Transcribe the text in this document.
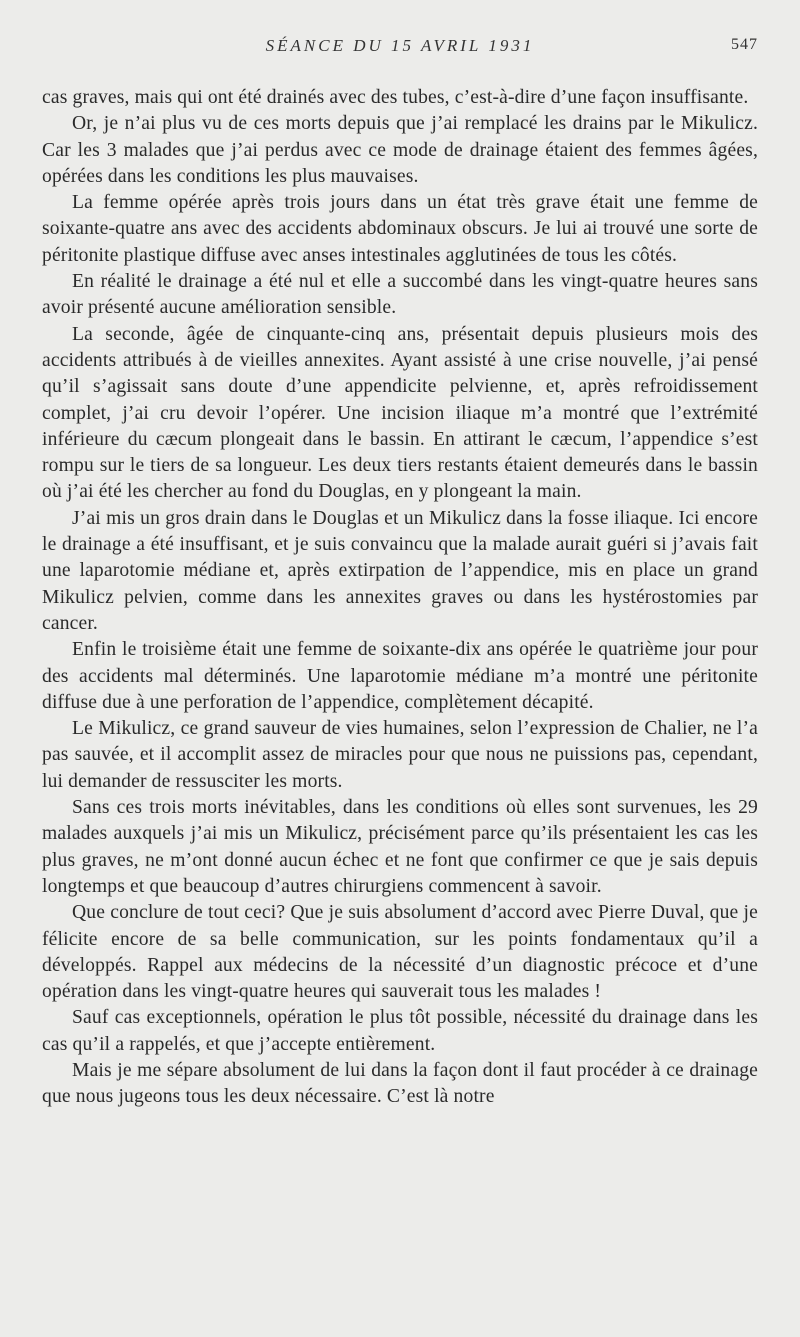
SÉANCE DU 15 AVRIL 1931	547

cas graves, mais qui ont été drainés avec des tubes, c’est-à-dire d’une façon insuffisante.

Or, je n’ai plus vu de ces morts depuis que j’ai remplacé les drains par le Mikulicz. Car les 3 malades que j’ai perdus avec ce mode de drainage étaient des femmes âgées, opérées dans les conditions les plus mauvaises.

La femme opérée après trois jours dans un état très grave était une femme de soixante-quatre ans avec des accidents abdominaux obscurs. Je lui ai trouvé une sorte de péritonite plastique diffuse avec anses intestinales agglutinées de tous les côtés.

En réalité le drainage a été nul et elle a succombé dans les vingt-quatre heures sans avoir présenté aucune amélioration sensible.

La seconde, âgée de cinquante-cinq ans, présentait depuis plusieurs mois des accidents attribués à de vieilles annexites. Ayant assisté à une crise nouvelle, j’ai pensé qu’il s’agissait sans doute d’une appendicite pelvienne, et, après refroidissement complet, j’ai cru devoir l’opérer. Une incision iliaque m’a montré que l’extrémité inférieure du cæcum plongeait dans le bassin. En attirant le cæcum, l’appendice s’est rompu sur le tiers de sa longueur. Les deux tiers restants étaient demeurés dans le bassin où j’ai été les chercher au fond du Douglas, en y plongeant la main.

J’ai mis un gros drain dans le Douglas et un Mikulicz dans la fosse iliaque. Ici encore le drainage a été insuffisant, et je suis convaincu que la malade aurait guéri si j’avais fait une laparotomie médiane et, après extirpation de l’appendice, mis en place un grand Mikulicz pelvien, comme dans les annexites graves ou dans les hystérostomies par cancer.

Enfin le troisième était une femme de soixante-dix ans opérée le quatrième jour pour des accidents mal déterminés. Une laparotomie médiane m’a montré une péritonite diffuse due à une perforation de l’appendice, complètement décapité.

Le Mikulicz, ce grand sauveur de vies humaines, selon l’expression de Chalier, ne l’a pas sauvée, et il accomplit assez de miracles pour que nous ne puissions pas, cependant, lui demander de ressusciter les morts.

Sans ces trois morts inévitables, dans les conditions où elles sont survenues, les 29 malades auxquels j’ai mis un Mikulicz, précisément parce qu’ils présentaient les cas les plus graves, ne m’ont donné aucun échec et ne font que confirmer ce que je sais depuis longtemps et que beaucoup d’autres chirurgiens commencent à savoir.

Que conclure de tout ceci? Que je suis absolument d’accord avec Pierre Duval, que je félicite encore de sa belle communication, sur les points fondamentaux qu’il a développés. Rappel aux médecins de la nécessité d’un diagnostic précoce et d’une opération dans les vingt-quatre heures qui sauverait tous les malades !

Sauf cas exceptionnels, opération le plus tôt possible, nécessité du drainage dans les cas qu’il a rappelés, et que j’accepte entièrement.

Mais je me sépare absolument de lui dans la façon dont il faut procéder à ce drainage que nous jugeons tous les deux nécessaire. C’est là notre
